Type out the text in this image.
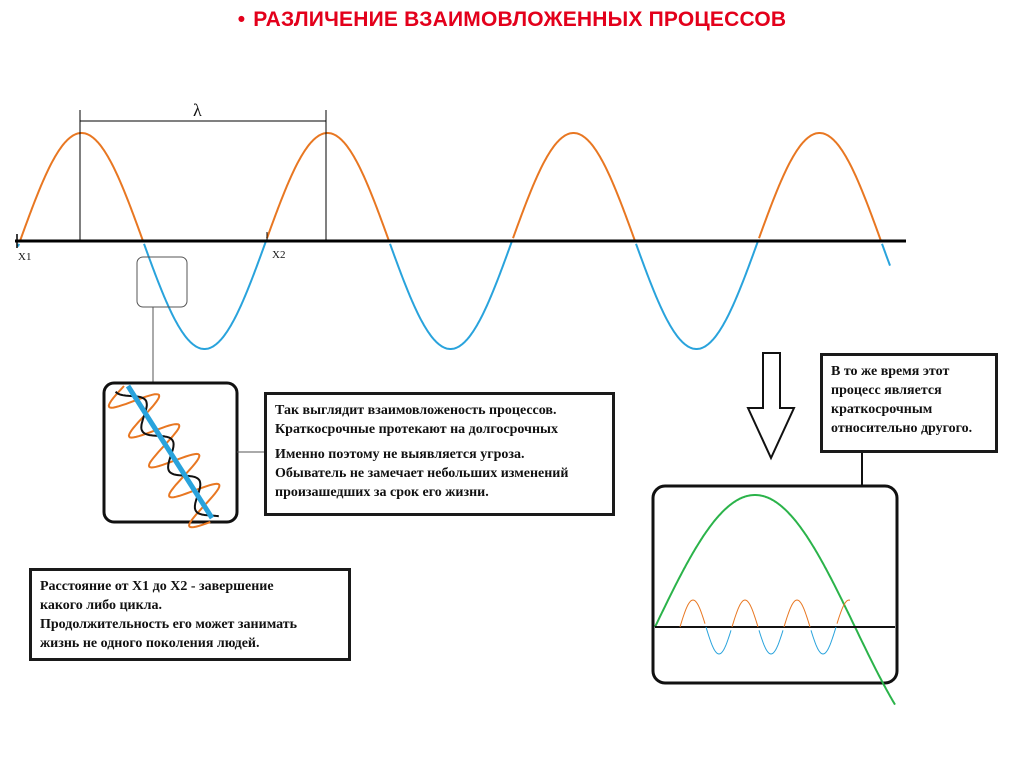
• РАЗЛИЧЕНИЕ ВЗАИМОВЛОЖЕННЫХ ПРОЦЕССОВ
λ
X1	X2

Так выглядит взаимовложеность процессов.

Краткосрочные протекают на долгосрочных

Именно поэтому не выявляется угроза.

Обыватель не замечает небольших изменений

произашедших за срок его жизни.

Расстояние от Х1 до Х2 - завершение

какого либо цикла.

Продолжительность его может занимать

жизнь не одного поколения людей.

В то же время этот

процесс является

краткосрочным

относительно другого.
